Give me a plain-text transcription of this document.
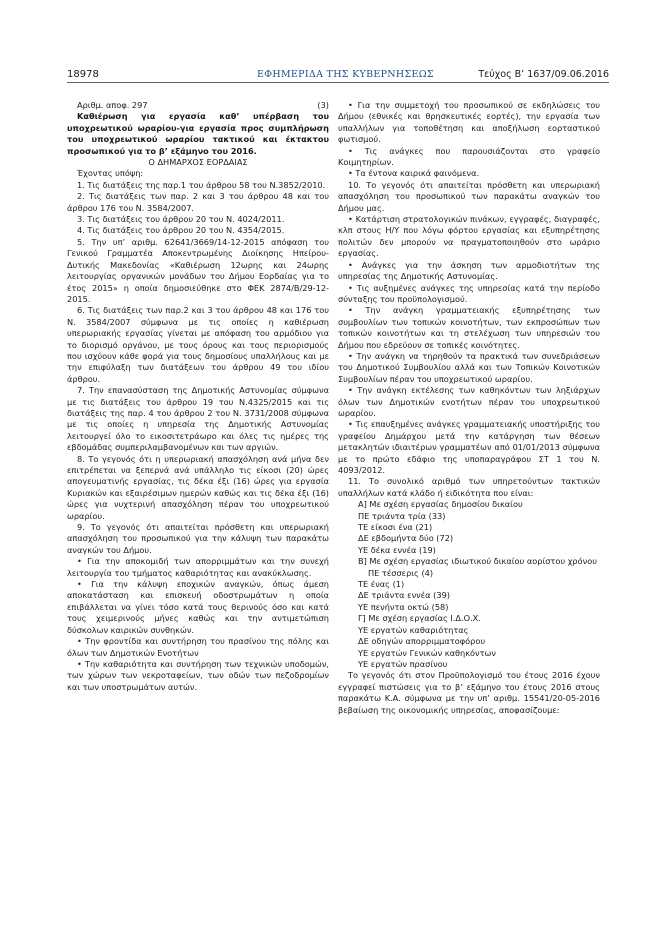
18978	ΕΦΗΜΕΡΙΔΑ ΤΗΣ ΚΥΒΕΡΝΗΣΕΩΣ	Τεύχος Β’ 1637/09.06.2016
Αριθμ. αποφ. 297	(3)

Καθιέρωση για εργασία καθ’ υπέρβαση του υποχρεωτικού ωραρίου-για εργασία προς συμπλήρωση του υποχρεωτικού ωραρίου τακτικού και έκτακτου προσωπικού για το β’ εξάμηνο του 2016.

Ο ΔΗΜΑΡΧΟΣ ΕΟΡΔΑΙΑΣ

Έχοντας υπόψη:

1. Τις διατάξεις της παρ.1 του άρθρου 58 του Ν.3852/2010.

2. Τις διατάξεις των παρ. 2 και 3 του άρθρου 48 και του άρθρου 176 του Ν. 3584/2007.

3. Τις διατάξεις του άρθρου 20 του Ν. 4024/2011.

4. Τις διατάξεις του άρθρου 20 του Ν. 4354/2015.

5. Την υπ’ αριθμ. 62641/3669/14-12-2015 απόφαση του Γενικού Γραμματέα Αποκεντρωμένης Διοίκησης Ηπείρου-Δυτικής Μακεδονίας «Καθιέρωση 12ωρης και 24ωρης λειτουργίας οργανικών μονάδων του Δήμου Εορδαίας για το έτος 2015» η οποία δημοσιεύθηκε στο ΦΕΚ 2874/Β/29-12-2015.

6. Τις διατάξεις των παρ.2 και 3 του άρθρου 48 και 176 του Ν. 3584/2007 σύμφωνα με τις οποίες η καθιέρωση υπερωριακής εργασίας γίνεται με απόφαση του αρμόδιου για το διορισμό οργάνου, με τους όρους και τους περιορισμούς που ισχύουν κάθε φορά για τους δημοσίους υπαλλήλους και με την επιφύλαξη των διατάξεων του άρθρου 49 του ιδίου άρθρου.

7. Την επανασύσταση της Δημοτικής Αστυνομίας σύμφωνα με τις διατάξεις του άρθρου 19 του Ν.4325/2015 και τις διατάξεις της παρ. 4 του άρθρου 2 του Ν. 3731/2008 σύμφωνα με τις οποίες η υπηρεσία της Δημοτικής Αστυνομίας λειτουργεί όλο το εικοσιτετράωρο και όλες τις ημέρες της εβδομάδας συμπεριλαμβανομένων και των αργιών.

8. Το γεγονός ότι η υπερωριακή απασχόληση ανά μήνα δεν επιτρέπεται να ξεπερνά ανά υπάλληλο τις είκοσι (20) ώρες απογευματινής εργασίας, τις δέκα έξι (16) ώρες για εργασία Κυριακών και εξαιρέσιμων ημερών καθώς και τις δέκα έξι (16) ώρες για νυχτερινή απασχόληση πέραν του υποχρεωτικού ωραρίου.

9. Το γεγονός ότι απαιτείται πρόσθετη και υπερωριακή απασχόληση του προσωπικού για την κάλυψη των παρακάτω αναγκών του Δήμου.

• Για την αποκομιδή των απορριμμάτων και την συνεχή λειτουργία του τμήματος καθαριότητας και ανακύκλωσης.

• Για την κάλυψη εποχικών αναγκών, όπως άμεση αποκατάσταση και επισκευή οδοστρωμάτων η οποία επιβάλλεται να γίνει τόσο κατά τους θερινούς όσο και κατά τους χειμερινούς μήνες καθώς και την αντιμετώπιση δύσκολων καιρικών συνθηκών.

• Την φροντίδα και συντήρηση του πρασίνου της πόλης και όλων των Δημοτικών Ενοτήτων

• Την καθαριότητα και συντήρηση των τεχνικών υποδομών, των χώρων των νεκροταφείων, των οδών των πεζοδρομίων και των υποστρωμάτων αυτών.

• Για την συμμετοχή του προσωπικού σε εκδηλώσεις του Δήμου (εθνικές και θρησκευτικές εορτές), την εργασία των υπαλλήλων για τοποθέτηση και αποξήλωση εορταστικού φωτισμού.

• Τις ανάγκες που παρουσιάζονται στο γραφείο Κοιμητηρίων.

• Τα έντονα καιρικά φαινόμενα.

10. Το γεγονός ότι απαιτείται πρόσθετη και υπερωριακή απασχόληση του προσωπικού των παρακάτω αναγκών του Δήμου μας.

• Κατάρτιση στρατολογικών πινάκων, εγγραφές, διαγραφές, κλπ στους Η/Υ που λόγω φόρτου εργασίας και εξυπηρέτησης πολιτών δεν μπορούν να πραγματοποιηθούν στο ωράριο εργασίας.

• Ανάγκες για την άσκηση των αρμοδιοτήτων της υπηρεσίας της Δημοτικής Αστυνομίας.

• Τις αυξημένες ανάγκες της υπηρεσίας κατά την περίοδο σύνταξης του προϋπολογισμού.

• Την ανάγκη γραμματειακής εξυπηρέτησης των συμβουλίων των τοπικών κοινοτήτων, των εκπροσώπων των τοπικών κοινοτήτων και τη στελέχωση των υπηρεσιών του Δήμου που εδρεύουν σε τοπικές κοινότητες.

• Την ανάγκη να τηρηθούν τα πρακτικά των συνεδριάσεων του Δημοτικού Συμβουλίου αλλά και των Τοπικών Κοινοτικών Συμβουλίων πέραν του υποχρεωτικού ωραρίου.

• Την ανάγκη εκτέλεσης των καθηκόντων των ληξιάρχων όλων των Δημοτικών ενοτήτων πέραν του υποχρεωτικού ωραρίου.

• Τις επαυξημένες ανάγκες γραμματειακής υποστήριξης του γραφείου Δημάρχου μετά την κατάργηση των θέσεων μετακλητών ιδιαιτέρων γραμματέων από 01/01/2013 σύμφωνα με το πρώτο εδάφιο της υποπαραγράφου ΣΤ 1 του Ν. 4093/2012.

11. Το συνολικό αριθμό των υπηρετούντων τακτικών υπαλλήλων κατά κλάδο ή ειδικότητα που είναι:

Α] Με σχέση εργασίας δημοσίου δικαίου

ΠΕ τριάντα τρία (33)

ΤΕ είκοσι ένα (21)

ΔΕ εβδομήντα δύο (72)

ΥΕ δέκα εννέα (19)

Β] Με σχέση εργασίας ιδιωτικού δικαίου αορίστου χρόνου

ΠΕ τέσσερις (4)

ΤΕ ένας (1)

ΔΕ τριάντα εννέα (39)

ΥΕ πενήντα οκτώ (58)

Γ] Με σχέση εργασίας Ι.Δ.Ο.Χ.

ΥΕ εργατών καθαριότητας

ΔΕ οδηγών απορριμματοφόρου

ΥΕ εργατών Γενικών καθηκόντων

ΥΕ εργατών πρασίνου

Το γεγονός ότι στον Προϋπολογισμό του έτους 2016 έχουν εγγραφεί πιστώσεις για το β’ εξάμηνο του έτους 2016 στους παρακάτω Κ.Α. σύμφωνα με την υπ’ αριθμ. 15541/20-05-2016 βεβαίωση της οικονομικής υπηρεσίας, αποφασίζουμε:
